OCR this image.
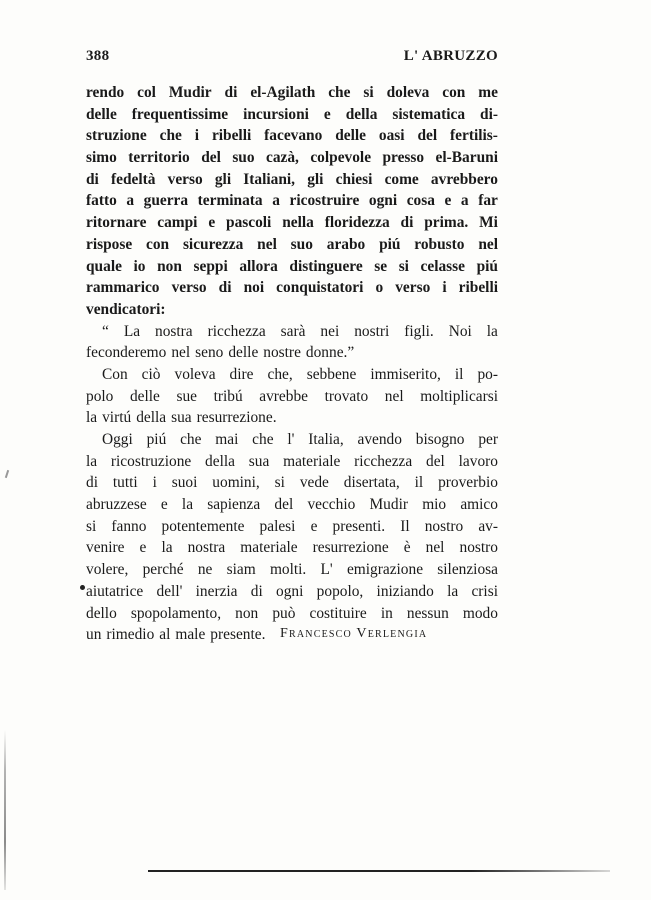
388	L' ABRUZZO
rendo col Mudir di el-Agilath che si doleva con me
delle frequentissime incursioni e della sistematica di-
struzione che i ribelli facevano delle oasi del fertilis-
simo territorio del suo cazà, colpevole presso el-Baruni
di fedeltà verso gli Italiani, gli chiesi come avrebbero
fatto a guerra terminata a ricostruire ogni cosa e a far
ritornare campi e pascoli nella floridezza di prima. Mi
rispose con sicurezza nel suo arabo piú robusto nel
quale io non seppi allora distinguere se si celasse piú
rammarico verso di noi conquistatori o verso i ribelli
vendicatori:
“ La nostra ricchezza sarà nei nostri figli. Noi la
feconderemo nel seno delle nostre donne.”
Con ciò voleva dire che, sebbene immiserito, il po-
polo delle sue tribú avrebbe trovato nel moltiplicarsi
la virtú della sua resurrezione.
Oggi piú che mai che l' Italia, avendo bisogno per
la ricostruzione della sua materiale ricchezza del lavoro
di tutti i suoi uomini, si vede disertata, il proverbio
abruzzese e la sapienza del vecchio Mudir mio amico
si fanno potentemente palesi e presenti. Il nostro av-
venire e la nostra materiale resurrezione è nel nostro
volere, perché ne siam molti. L' emigrazione silenziosa
aiutatrice dell' inerzia di ogni popolo, iniziando la crisi
dello spopolamento, non può costituire in nessun modo
un rimedio al male presente. Francesco Verlengia
